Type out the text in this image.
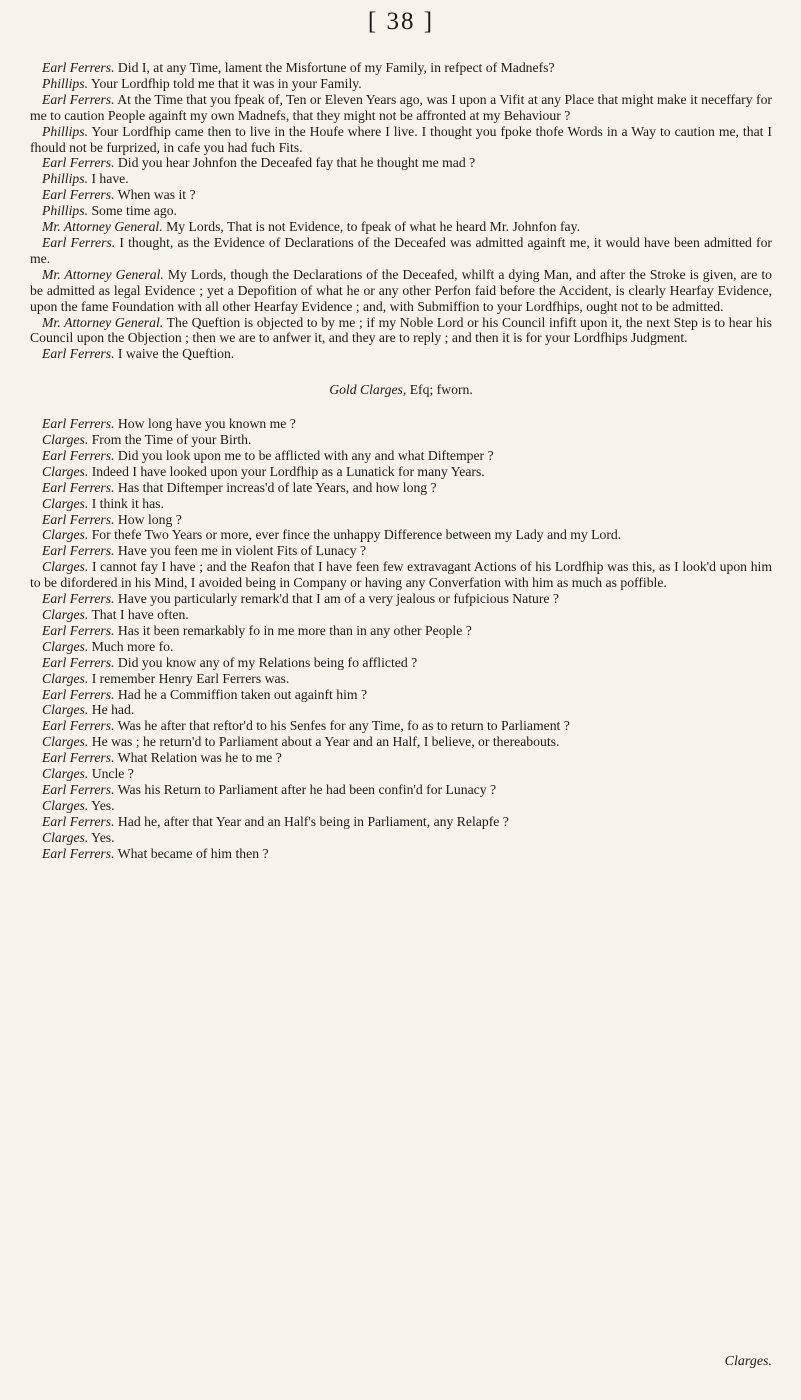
[ 38 ]

Earl Ferrers. Did I, at any Time, lament the Misfortune of my Family, in refpect of Madnefs?

Phillips. Your Lordfhip told me that it was in your Family.

Earl Ferrers. At the Time that you fpeak of, Ten or Eleven Years ago, was I upon a Vifit at any Place that might make it neceffary for me to caution People againft my own Madnefs, that they might not be affronted at my Behaviour ?

Phillips. Your Lordfhip came then to live in the Houfe where I live. I thought you fpoke thofe Words in a Way to caution me, that I fhould not be furprized, in cafe you had fuch Fits.

Earl Ferrers. Did you hear Johnfon the Deceafed fay that he thought me mad ?

Phillips. I have.

Earl Ferrers. When was it ?

Phillips. Some time ago.

Mr. Attorney General. My Lords, That is not Evidence, to fpeak of what he heard Mr. Johnfon fay.

Earl Ferrers. I thought, as the Evidence of Declarations of the Deceafed was admitted againft me, it would have been admitted for me.

Mr. Attorney General. My Lords, though the Declarations of the Deceafed, whilft a dying Man, and after the Stroke is given, are to be admitted as legal Evidence ; yet a Depofition of what he or any other Perfon faid before the Accident, is clearly Hearfay Evidence, upon the fame Foundation with all other Hearfay Evidence ; and, with Submiffion to your Lordfhips, ought not to be admitted.

Mr. Attorney General. The Queftion is objected to by me ; if my Noble Lord or his Council infift upon it, the next Step is to hear his Council upon the Objection ; then we are to anfwer it, and they are to reply ; and then it is for your Lordfhips Judgment.

Earl Ferrers. I waive the Queftion.

Gold Clarges, Efq; fworn.

Earl Ferrers. How long have you known me ?

Clarges. From the Time of your Birth.

Earl Ferrers. Did you look upon me to be afflicted with any and what Diftemper ?

Clarges. Indeed I have looked upon your Lordfhip as a Lunatick for many Years.

Earl Ferrers. Has that Diftemper increas'd of late Years, and how long ?

Clarges. I think it has.

Earl Ferrers. How long ?

Clarges. For thefe Two Years or more, ever fince the unhappy Difference between my Lady and my Lord.

Earl Ferrers. Have you feen me in violent Fits of Lunacy ?

Clarges. I cannot fay I have ; and the Reafon that I have feen few extravagant Actions of his Lordfhip was this, as I look'd upon him to be difordered in his Mind, I avoided being in Company or having any Converfation with him as much as poffible.

Earl Ferrers. Have you particularly remark'd that I am of a very jealous or fufpicious Nature ?

Clarges. That I have often.

Earl Ferrers. Has it been remarkably fo in me more than in any other People ?

Clarges. Much more fo.

Earl Ferrers. Did you know any of my Relations being fo afflicted ?

Clarges. I remember Henry Earl Ferrers was.

Earl Ferrers. Had he a Commiffion taken out againft him ?

Clarges. He had.

Earl Ferrers. Was he after that reftor'd to his Senfes for any Time, fo as to return to Parliament ?

Clarges. He was ; he return'd to Parliament about a Year and an Half, I believe, or thereabouts.

Earl Ferrers. What Relation was he to me ?

Clarges. Uncle ?

Earl Ferrers. Was his Return to Parliament after he had been confin'd for Lunacy ?

Clarges. Yes.

Earl Ferrers. Had he, after that Year and an Half's being in Parliament, any Relapfe ?

Clarges. Yes.

Earl Ferrers. What became of him then ?

Clarges.
